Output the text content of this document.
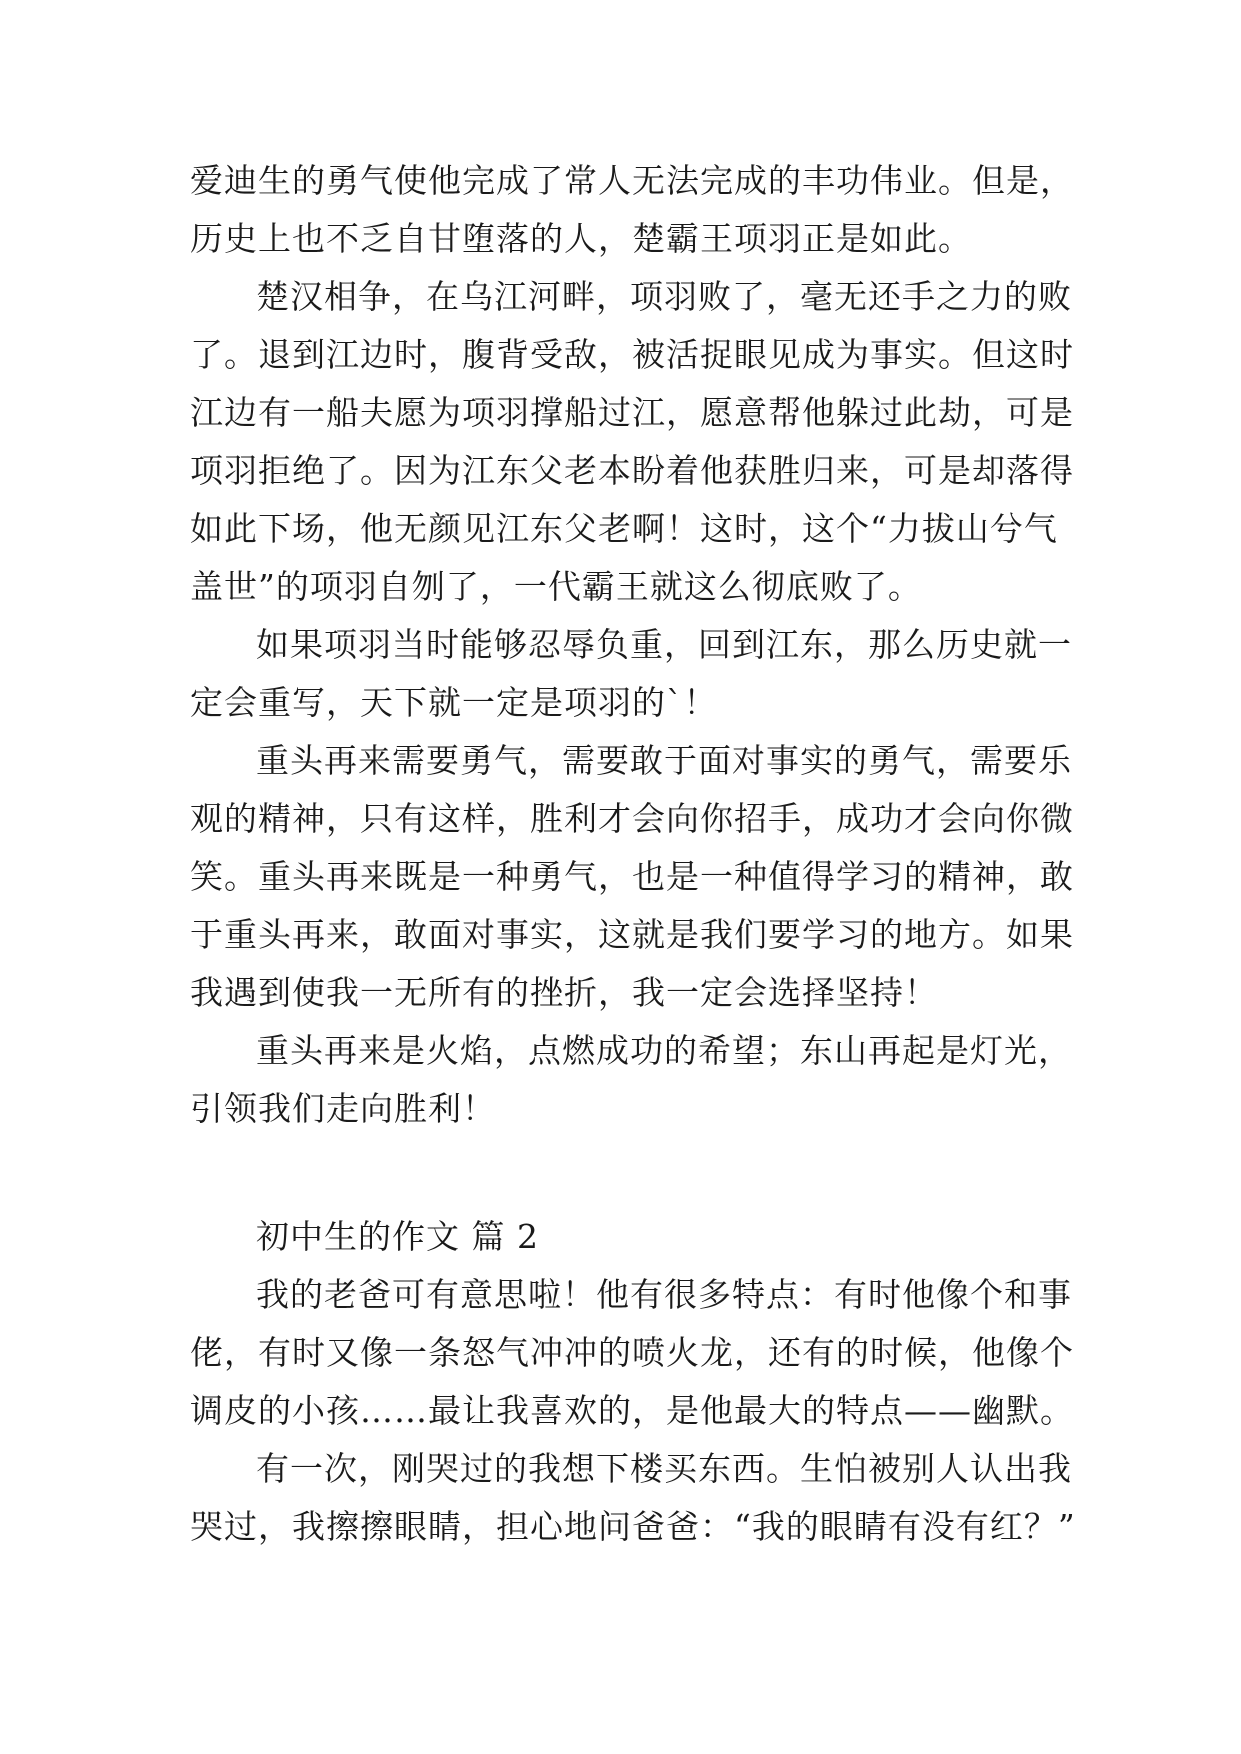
爱迪生的勇气使他完成了常人无法完成的丰功伟业。但是，
历史上也不乏自甘堕落的人，楚霸王项羽正是如此。
楚汉相争，在乌江河畔，项羽败了，毫无还手之力的败
了。退到江边时，腹背受敌，被活捉眼见成为事实。但这时
江边有一船夫愿为项羽撑船过江，愿意帮他躲过此劫，可是
项羽拒绝了。因为江东父老本盼着他获胜归来，可是却落得
如此下场，他无颜见江东父老啊！这时，这个“力拔山兮气
盖世”的项羽自刎了，一代霸王就这么彻底败了。
如果项羽当时能够忍辱负重，回到江东，那么历史就一
定会重写，天下就一定是项羽的`！
重头再来需要勇气，需要敢于面对事实的勇气，需要乐
观的精神，只有这样，胜利才会向你招手，成功才会向你微
笑。重头再来既是一种勇气，也是一种值得学习的精神，敢
于重头再来，敢面对事实，这就是我们要学习的地方。如果
我遇到使我一无所有的挫折，我一定会选择坚持！
重头再来是火焰，点燃成功的希望；东山再起是灯光，
引领我们走向胜利！
初中生的作文 篇 2
我的老爸可有意思啦！他有很多特点：有时他像个和事
佬，有时又像一条怒气冲冲的喷火龙，还有的时候，他像个
调皮的小孩……最让我喜欢的，是他最大的特点——幽默。
有一次，刚哭过的我想下楼买东西。生怕被别人认出我
哭过，我擦擦眼睛，担心地问爸爸：“我的眼睛有没有红？”
